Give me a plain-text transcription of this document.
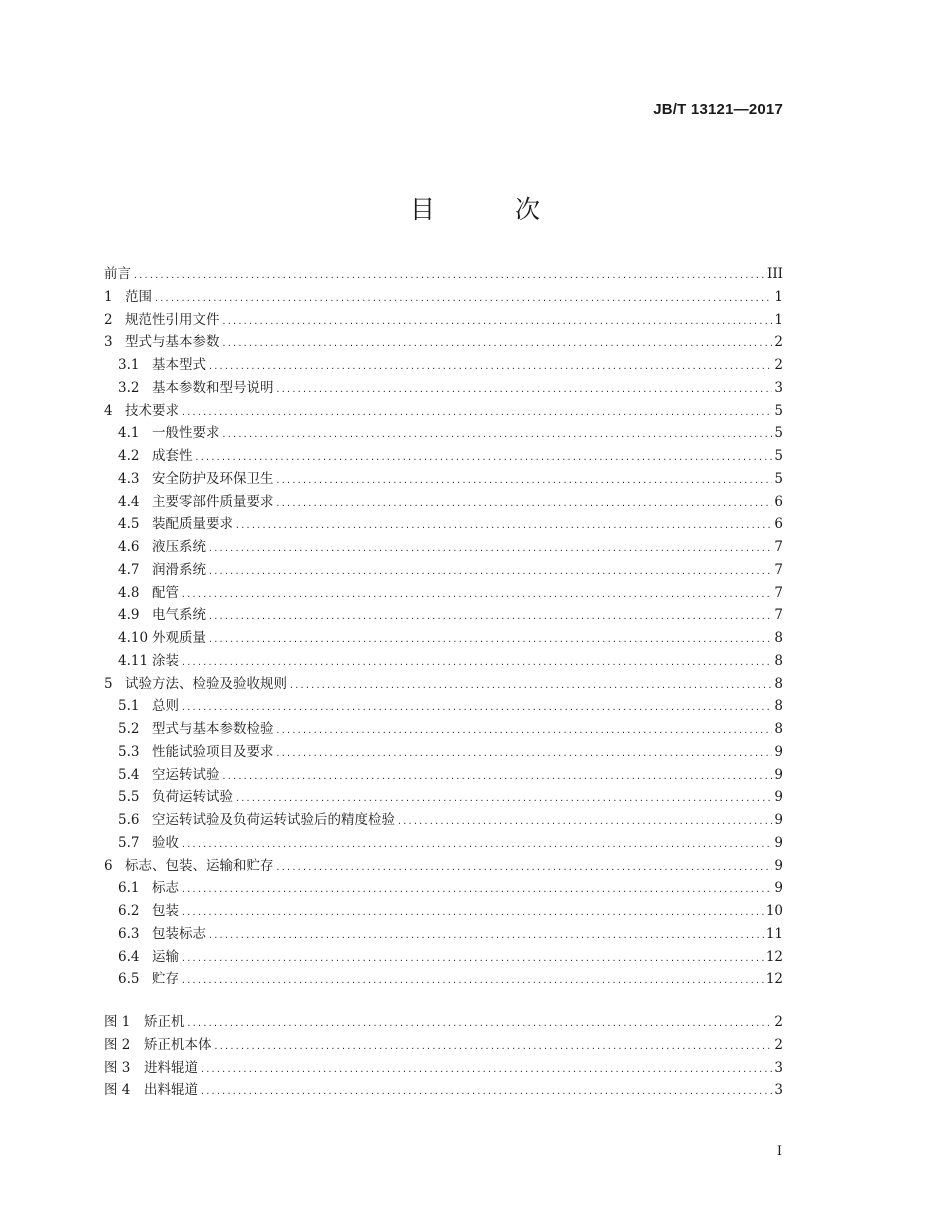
JB/T 13121—2017
目 次
前言 .....	III
1 范围 .....	1
2 规范性引用文件 .....	1
3 型式与基本参数 .....	2
3.1 基本型式 .....	2
3.2 基本参数和型号说明 .....	3
4 技术要求 .....	5
4.1 一般性要求 .....	5
4.2 成套性 .....	5
4.3 安全防护及环保卫生 .....	5
4.4 主要零部件质量要求 .....	6
4.5 装配质量要求 .....	6
4.6 液压系统 .....	7
4.7 润滑系统 .....	7
4.8 配管 .....	7
4.9 电气系统 .....	7
4.10 外观质量 .....	8
4.11 涂装 .....	8
5 试验方法、检验及验收规则 .....	8
5.1 总则 .....	8
5.2 型式与基本参数检验 .....	8
5.3 性能试验项目及要求 .....	9
5.4 空运转试验 .....	9
5.5 负荷运转试验 .....	9
5.6 空运转试验及负荷运转试验后的精度检验 .....	9
5.7 验收 .....	9
6 标志、包装、运输和贮存 .....	9
6.1 标志 .....	9
6.2 包装 .....	10
6.3 包装标志 .....	11
6.4 运输 .....	12
6.5 贮存 .....	12
图 1	矫正机 .....	2
图 2	矫正机本体 .....	2
图 3	进料辊道 .....	3
图 4	出料辊道 .....	3
I
